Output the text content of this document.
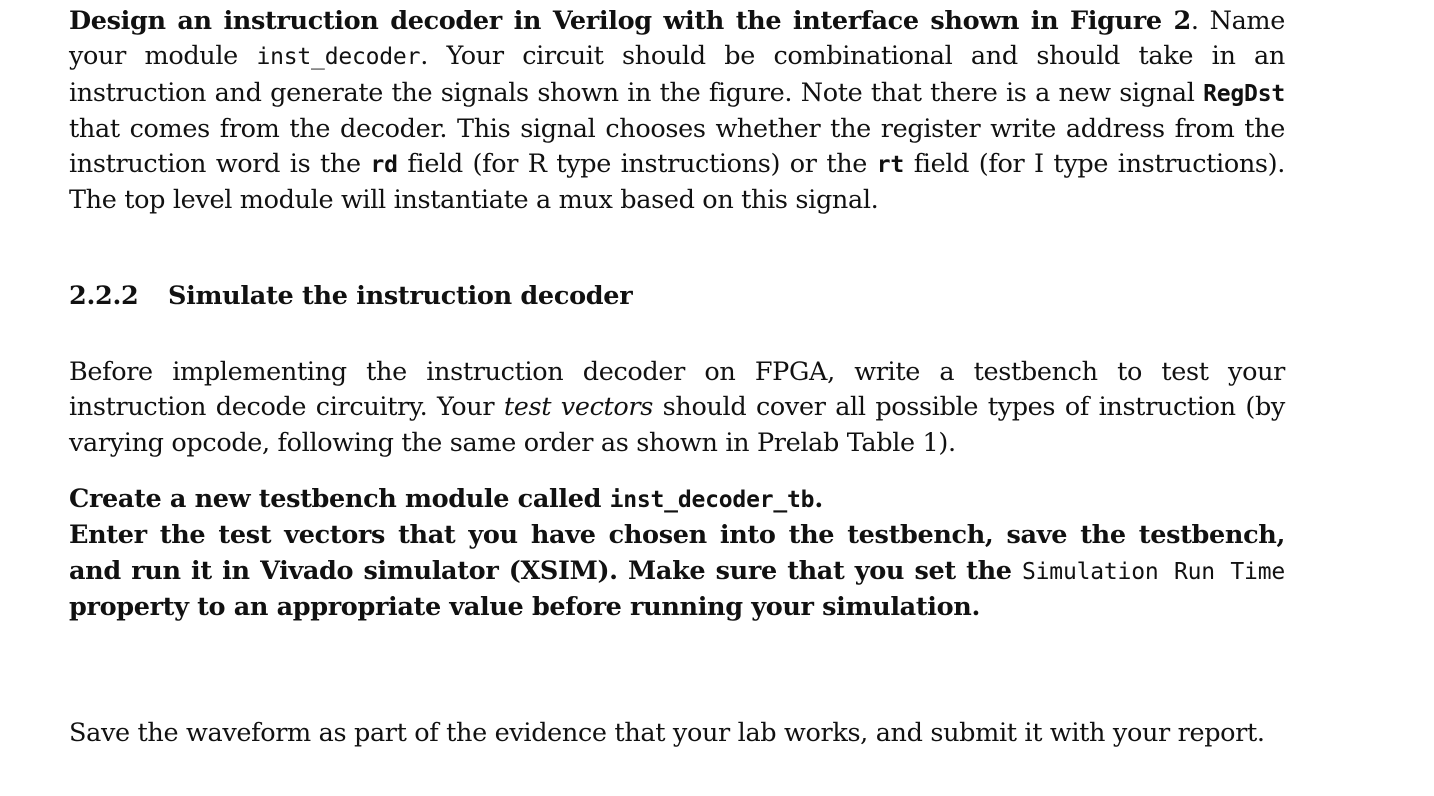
Design an instruction decoder in Verilog with the interface shown in Figure 2. Name your module inst_decoder. Your circuit should be combinational and should take in an instruction and generate the signals shown in the figure. Note that there is a new signal RegDst that comes from the decoder. This signal chooses whether the register write address from the instruction word is the rd field (for R type instructions) or the rt field (for I type instructions). The top level module will instantiate a mux based on this signal.

2.2.2 Simulate the instruction decoder

Before implementing the instruction decoder on FPGA, write a testbench to test your instruction decode circuitry. Your test vectors should cover all possible types of instruction (by varying opcode, following the same order as shown in Prelab Table 1).

Create a new testbench module called inst_decoder_tb.
Enter the test vectors that you have chosen into the testbench, save the testbench, and run it in Vivado simulator (XSIM). Make sure that you set the Simulation Run Time property to an appropriate value before running your simulation.

Save the waveform as part of the evidence that your lab works, and submit it with your report.
